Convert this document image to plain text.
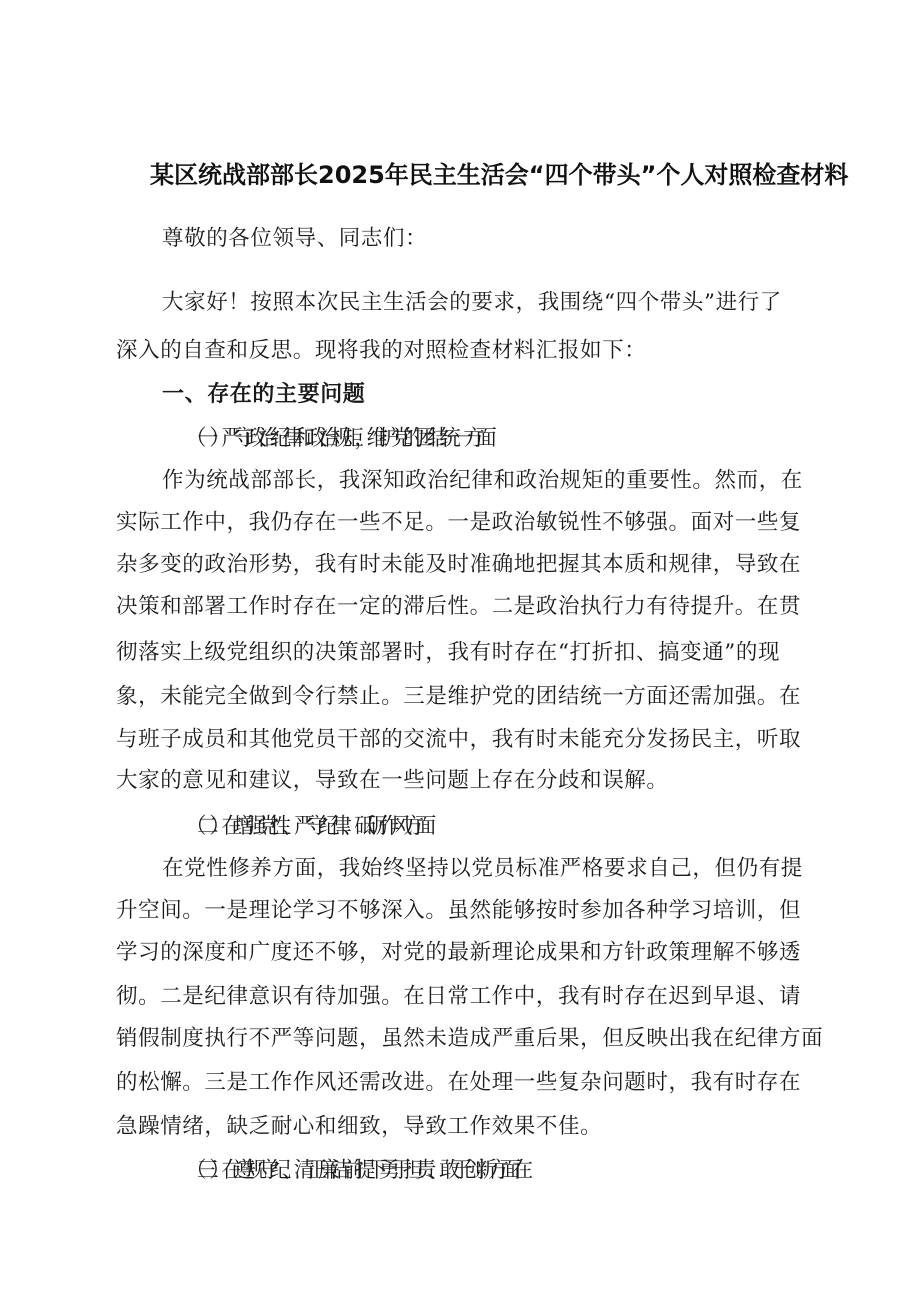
某区统战部部长2025年民主生活会“四个带头”个人对照检查材料
尊敬的各位领导、同志们：
大家好！按照本次民主生活会的要求，我围绕“四个带头”进行了
深入的自查和反思。现将我的对照检查材料汇报如下：
一、存在的主要问题
（一）严守政治纪律和政治规矩，维护党的团结统一方面
作为统战部部长，我深知政治纪律和政治规矩的重要性。然而，在
实际工作中，我仍存在一些不足。一是政治敏锐性不够强。面对一些复
杂多变的政治形势，我有时未能及时准确地把握其本质和规律，导致在
决策和部署工作时存在一定的滞后性。二是政治执行力有待提升。在贯
彻落实上级党组织的决策部署时，我有时存在“打折扣、搞变通”的现
象，未能完全做到令行禁止。三是维护党的团结统一方面还需加强。在
与班子成员和其他党员干部的交流中，我有时未能充分发扬民主，听取
大家的意见和建议，导致在一些问题上存在分歧和误解。
（二）在增强党性、严守纪律、砥砺作风方面
在党性修养方面，我始终坚持以党员标准严格要求自己，但仍有提
升空间。一是理论学习不够深入。虽然能够按时参加各种学习培训，但
学习的深度和广度还不够，对党的最新理论成果和方针政策理解不够透
彻。二是纪律意识有待加强。在日常工作中，我有时存在迟到早退、请
销假制度执行不严等问题，虽然未造成严重后果，但反映出我在纪律方面
的松懈。三是工作作风还需改进。在处理一些复杂问题时，我有时存在
急躁情绪，缺乏耐心和细致，导致工作效果不佳。
（三）在遵规守纪、清正廉洁前提下勇于担责、敢于创新方面在
